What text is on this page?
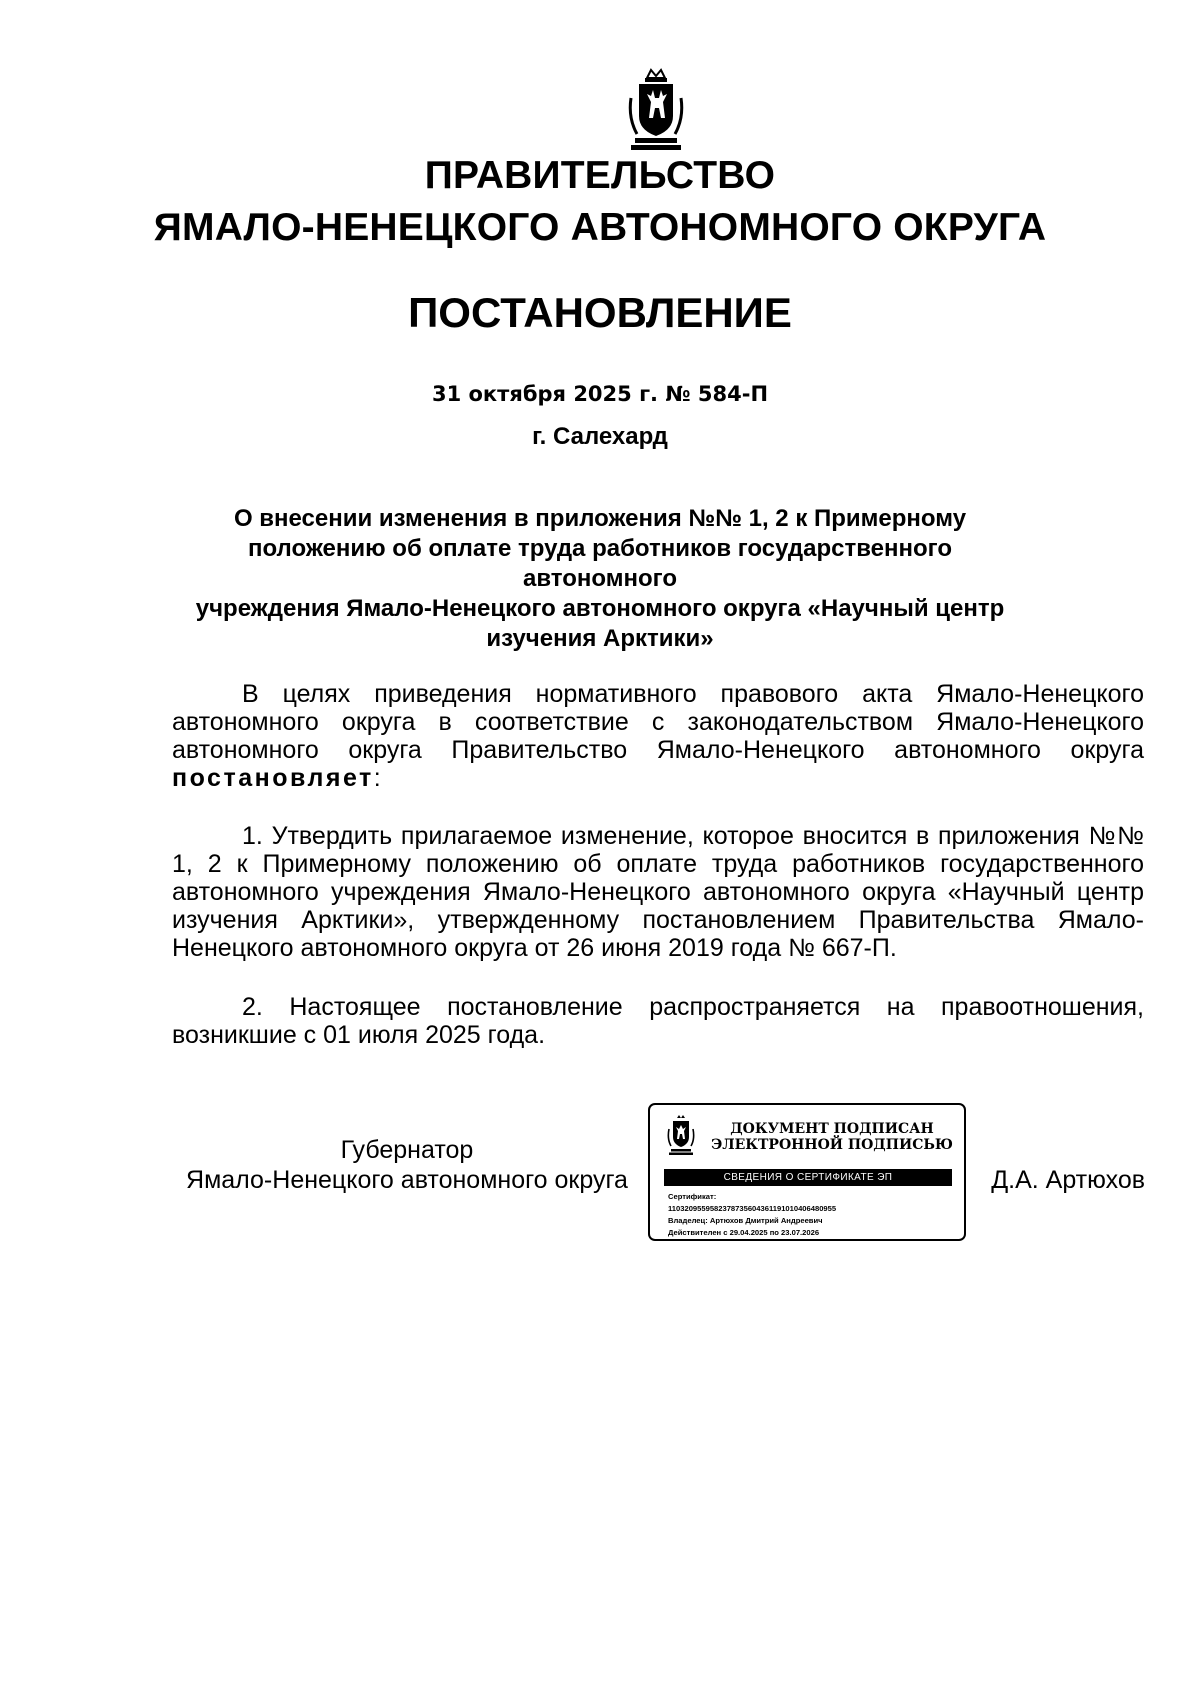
ПРАВИТЕЛЬСТВО
ЯМАЛО-НЕНЕЦКОГО АВТОНОМНОГО ОКРУГА
ПОСТАНОВЛЕНИЕ
31 октября 2025 г. № 584-П
г. Салехард
О внесении изменения в приложения №№ 1, 2 к Примерному
положению об оплате труда работников государственного автономного
учреждения Ямало-Ненецкого автономного округа «Научный центр
изучения Арктики»
В целях приведения нормативного правового акта Ямало-Ненецкого автономного округа в соответствие с законодательством Ямало-Ненецкого автономного округа Правительство Ямало-Ненецкого автономного округа постановляет:
1. Утвердить прилагаемое изменение, которое вносится в приложения №№ 1, 2 к Примерному положению об оплате труда работников государственного автономного учреждения Ямало-Ненецкого автономного округа «Научный центр изучения Арктики», утвержденному постановлением Правительства Ямало-Ненецкого автономного округа от 26 июня 2019 года № 667-П.
2. Настоящее постановление распространяется на правоотношения, возникшие с 01 июля 2025 года.
Губернатор
Ямало-Ненецкого автономного округа
ДОКУМЕНТ ПОДПИСАН
ЭЛЕКТРОННОЙ ПОДПИСЬЮ
СВЕДЕНИЯ О СЕРТИФИКАТЕ ЭП
Сертификат:
1103209559582378735604361191010406480955
Владелец: Артюхов Дмитрий Андреевич
Действителен с 29.04.2025 по 23.07.2026
Д.А. Артюхов
